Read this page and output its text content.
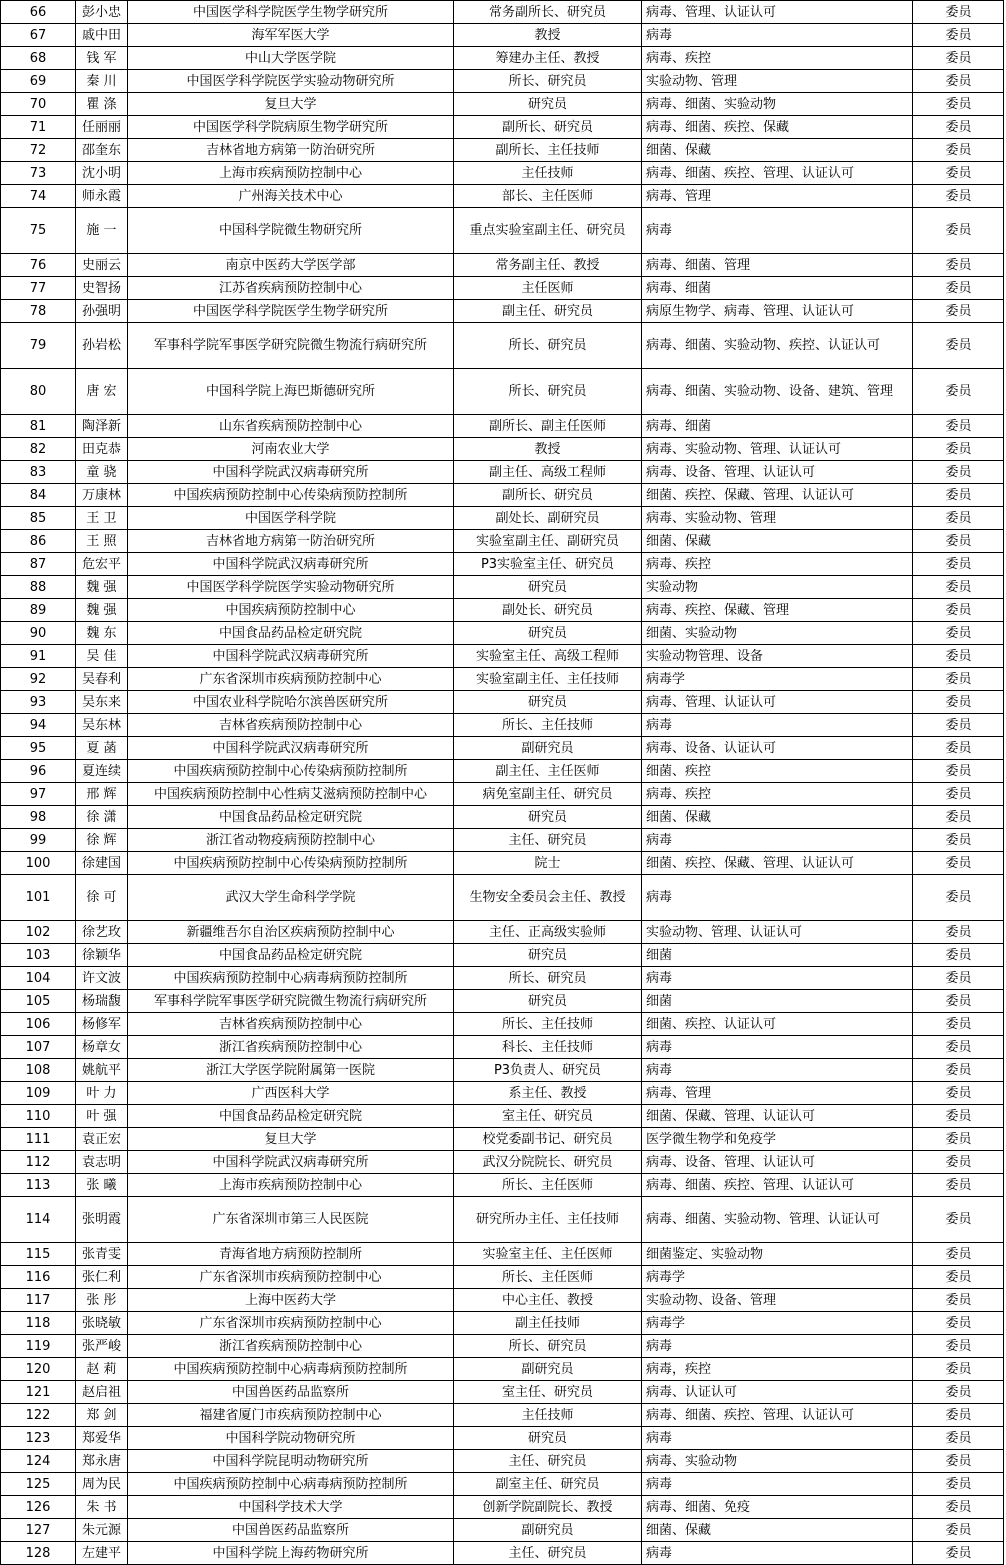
66	彭小忠	中国医学科学院医学生物学研究所	常务副所长、研究员	病毒、管理、认证认可	委员
67	戚中田	海军军医大学	教授	病毒	委员
68	钱 军	中山大学医学院	筹建办主任、教授	病毒、疾控	委员
69	秦 川	中国医学科学院医学实验动物研究所	所长、研究员	实验动物、管理	委员
70	瞿 涤	复旦大学	研究员	病毒、细菌、实验动物	委员
71	任丽丽	中国医学科学院病原生物学研究所	副所长、研究员	病毒、细菌、疾控、保藏	委员
72	邵奎东	吉林省地方病第一防治研究所	副所长、主任技师	细菌、保藏	委员
73	沈小明	上海市疾病预防控制中心	主任技师	病毒、细菌、疾控、管理、认证认可	委员
74	师永霞	广州海关技术中心	部长、主任医师	病毒、管理	委员
75	施 一	中国科学院微生物研究所	重点实验室副主任、研究员	病毒	委员
76	史丽云	南京中医药大学医学部	常务副主任、教授	病毒、细菌、管理	委员
77	史智扬	江苏省疾病预防控制中心	主任医师	病毒、细菌	委员
78	孙强明	中国医学科学院医学生物学研究所	副主任、研究员	病原生物学、病毒、管理、认证认可	委员
79	孙岩松	军事科学院军事医学研究院微生物流行病研究所	所长、研究员	病毒、细菌、实验动物、疾控、认证认可	委员
80	唐 宏	中国科学院上海巴斯德研究所	所长、研究员	病毒、细菌、实验动物、设备、建筑、管理	委员
81	陶泽新	山东省疾病预防控制中心	副所长、副主任医师	病毒、细菌	委员
82	田克恭	河南农业大学	教授	病毒、实验动物、管理、认证认可	委员
83	童 骁	中国科学院武汉病毒研究所	副主任、高级工程师	病毒、设备、管理、认证认可	委员
84	万康林	中国疾病预防控制中心传染病预防控制所	副所长、研究员	细菌、疾控、保藏、管理、认证认可	委员
85	王 卫	中国医学科学院	副处长、副研究员	病毒、实验动物、管理	委员
86	王 照	吉林省地方病第一防治研究所	实验室副主任、副研究员	细菌、保藏	委员
87	危宏平	中国科学院武汉病毒研究所	P3实验室主任、研究员	病毒、疾控	委员
88	魏 强	中国医学科学院医学实验动物研究所	研究员	实验动物	委员
89	魏 强	中国疾病预防控制中心	副处长、研究员	病毒、疾控、保藏、管理	委员
90	魏 东	中国食品药品检定研究院	研究员	细菌、实验动物	委员
91	吴 佳	中国科学院武汉病毒研究所	实验室主任、高级工程师	实验动物管理、设备	委员
92	吴春利	广东省深圳市疾病预防控制中心	实验室副主任、主任技师	病毒学	委员
93	吴东来	中国农业科学院哈尔滨兽医研究所	研究员	病毒、管理、认证认可	委员
94	吴东林	吉林省疾病预防控制中心	所长、主任技师	病毒	委员
95	夏 菡	中国科学院武汉病毒研究所	副研究员	病毒、设备、认证认可	委员
96	夏连续	中国疾病预防控制中心传染病预防控制所	副主任、主任医师	细菌、疾控	委员
97	邢 辉	中国疾病预防控制中心性病艾滋病预防控制中心	病免室副主任、研究员	病毒、疾控	委员
98	徐 潇	中国食品药品检定研究院	研究员	细菌、保藏	委员
99	徐 辉	浙江省动物疫病预防控制中心	主任、研究员	病毒	委员
100	徐建国	中国疾病预防控制中心传染病预防控制所	院士	细菌、疾控、保藏、管理、认证认可	委员
101	徐 可	武汉大学生命科学学院	生物安全委员会主任、教授	病毒	委员
102	徐艺玫	新疆维吾尔自治区疾病预防控制中心	主任、正高级实验师	实验动物、管理、认证认可	委员
103	徐颖华	中国食品药品检定研究院	研究员	细菌	委员
104	许文波	中国疾病预防控制中心病毒病预防控制所	所长、研究员	病毒	委员
105	杨瑞馥	军事科学院军事医学研究院微生物流行病研究所	研究员	细菌	委员
106	杨修军	吉林省疾病预防控制中心	所长、主任技师	细菌、疾控、认证认可	委员
107	杨章女	浙江省疾病预防控制中心	科长、主任技师	病毒	委员
108	姚航平	浙江大学医学院附属第一医院	P3负责人、研究员	病毒	委员
109	叶 力	广西医科大学	系主任、教授	病毒、管理	委员
110	叶 强	中国食品药品检定研究院	室主任、研究员	细菌、保藏、管理、认证认可	委员
111	袁正宏	复旦大学	校党委副书记、研究员	医学微生物学和免疫学	委员
112	袁志明	中国科学院武汉病毒研究所	武汉分院院长、研究员	病毒、设备、管理、认证认可	委员
113	张 曦	上海市疾病预防控制中心	所长、主任医师	病毒、细菌、疾控、管理、认证认可	委员
114	张明霞	广东省深圳市第三人民医院	研究所办主任、主任技师	病毒、细菌、实验动物、管理、认证认可	委员
115	张青雯	青海省地方病预防控制所	实验室主任、主任医师	细菌鉴定、实验动物	委员
116	张仁利	广东省深圳市疾病预防控制中心	所长、主任医师	病毒学	委员
117	张 彤	上海中医药大学	中心主任、教授	实验动物、设备、管理	委员
118	张晓敏	广东省深圳市疾病预防控制中心	副主任技师	病毒学	委员
119	张严峻	浙江省疾病预防控制中心	所长、研究员	病毒	委员
120	赵 莉	中国疾病预防控制中心病毒病预防控制所	副研究员	病毒，疾控	委员
121	赵启祖	中国兽医药品监察所	室主任、研究员	病毒、认证认可	委员
122	郑 剑	福建省厦门市疾病预防控制中心	主任技师	病毒、细菌、疾控、管理、认证认可	委员
123	郑爱华	中国科学院动物研究所	研究员	病毒	委员
124	郑永唐	中国科学院昆明动物研究所	主任、研究员	病毒、实验动物	委员
125	周为民	中国疾病预防控制中心病毒病预防控制所	副室主任、研究员	病毒	委员
126	朱 书	中国科学技术大学	创新学院副院长、教授	病毒、细菌、免疫	委员
127	朱元源	中国兽医药品监察所	副研究员	细菌、保藏	委员
128	左建平	中国科学院上海药物研究所	主任、研究员	病毒	委员
